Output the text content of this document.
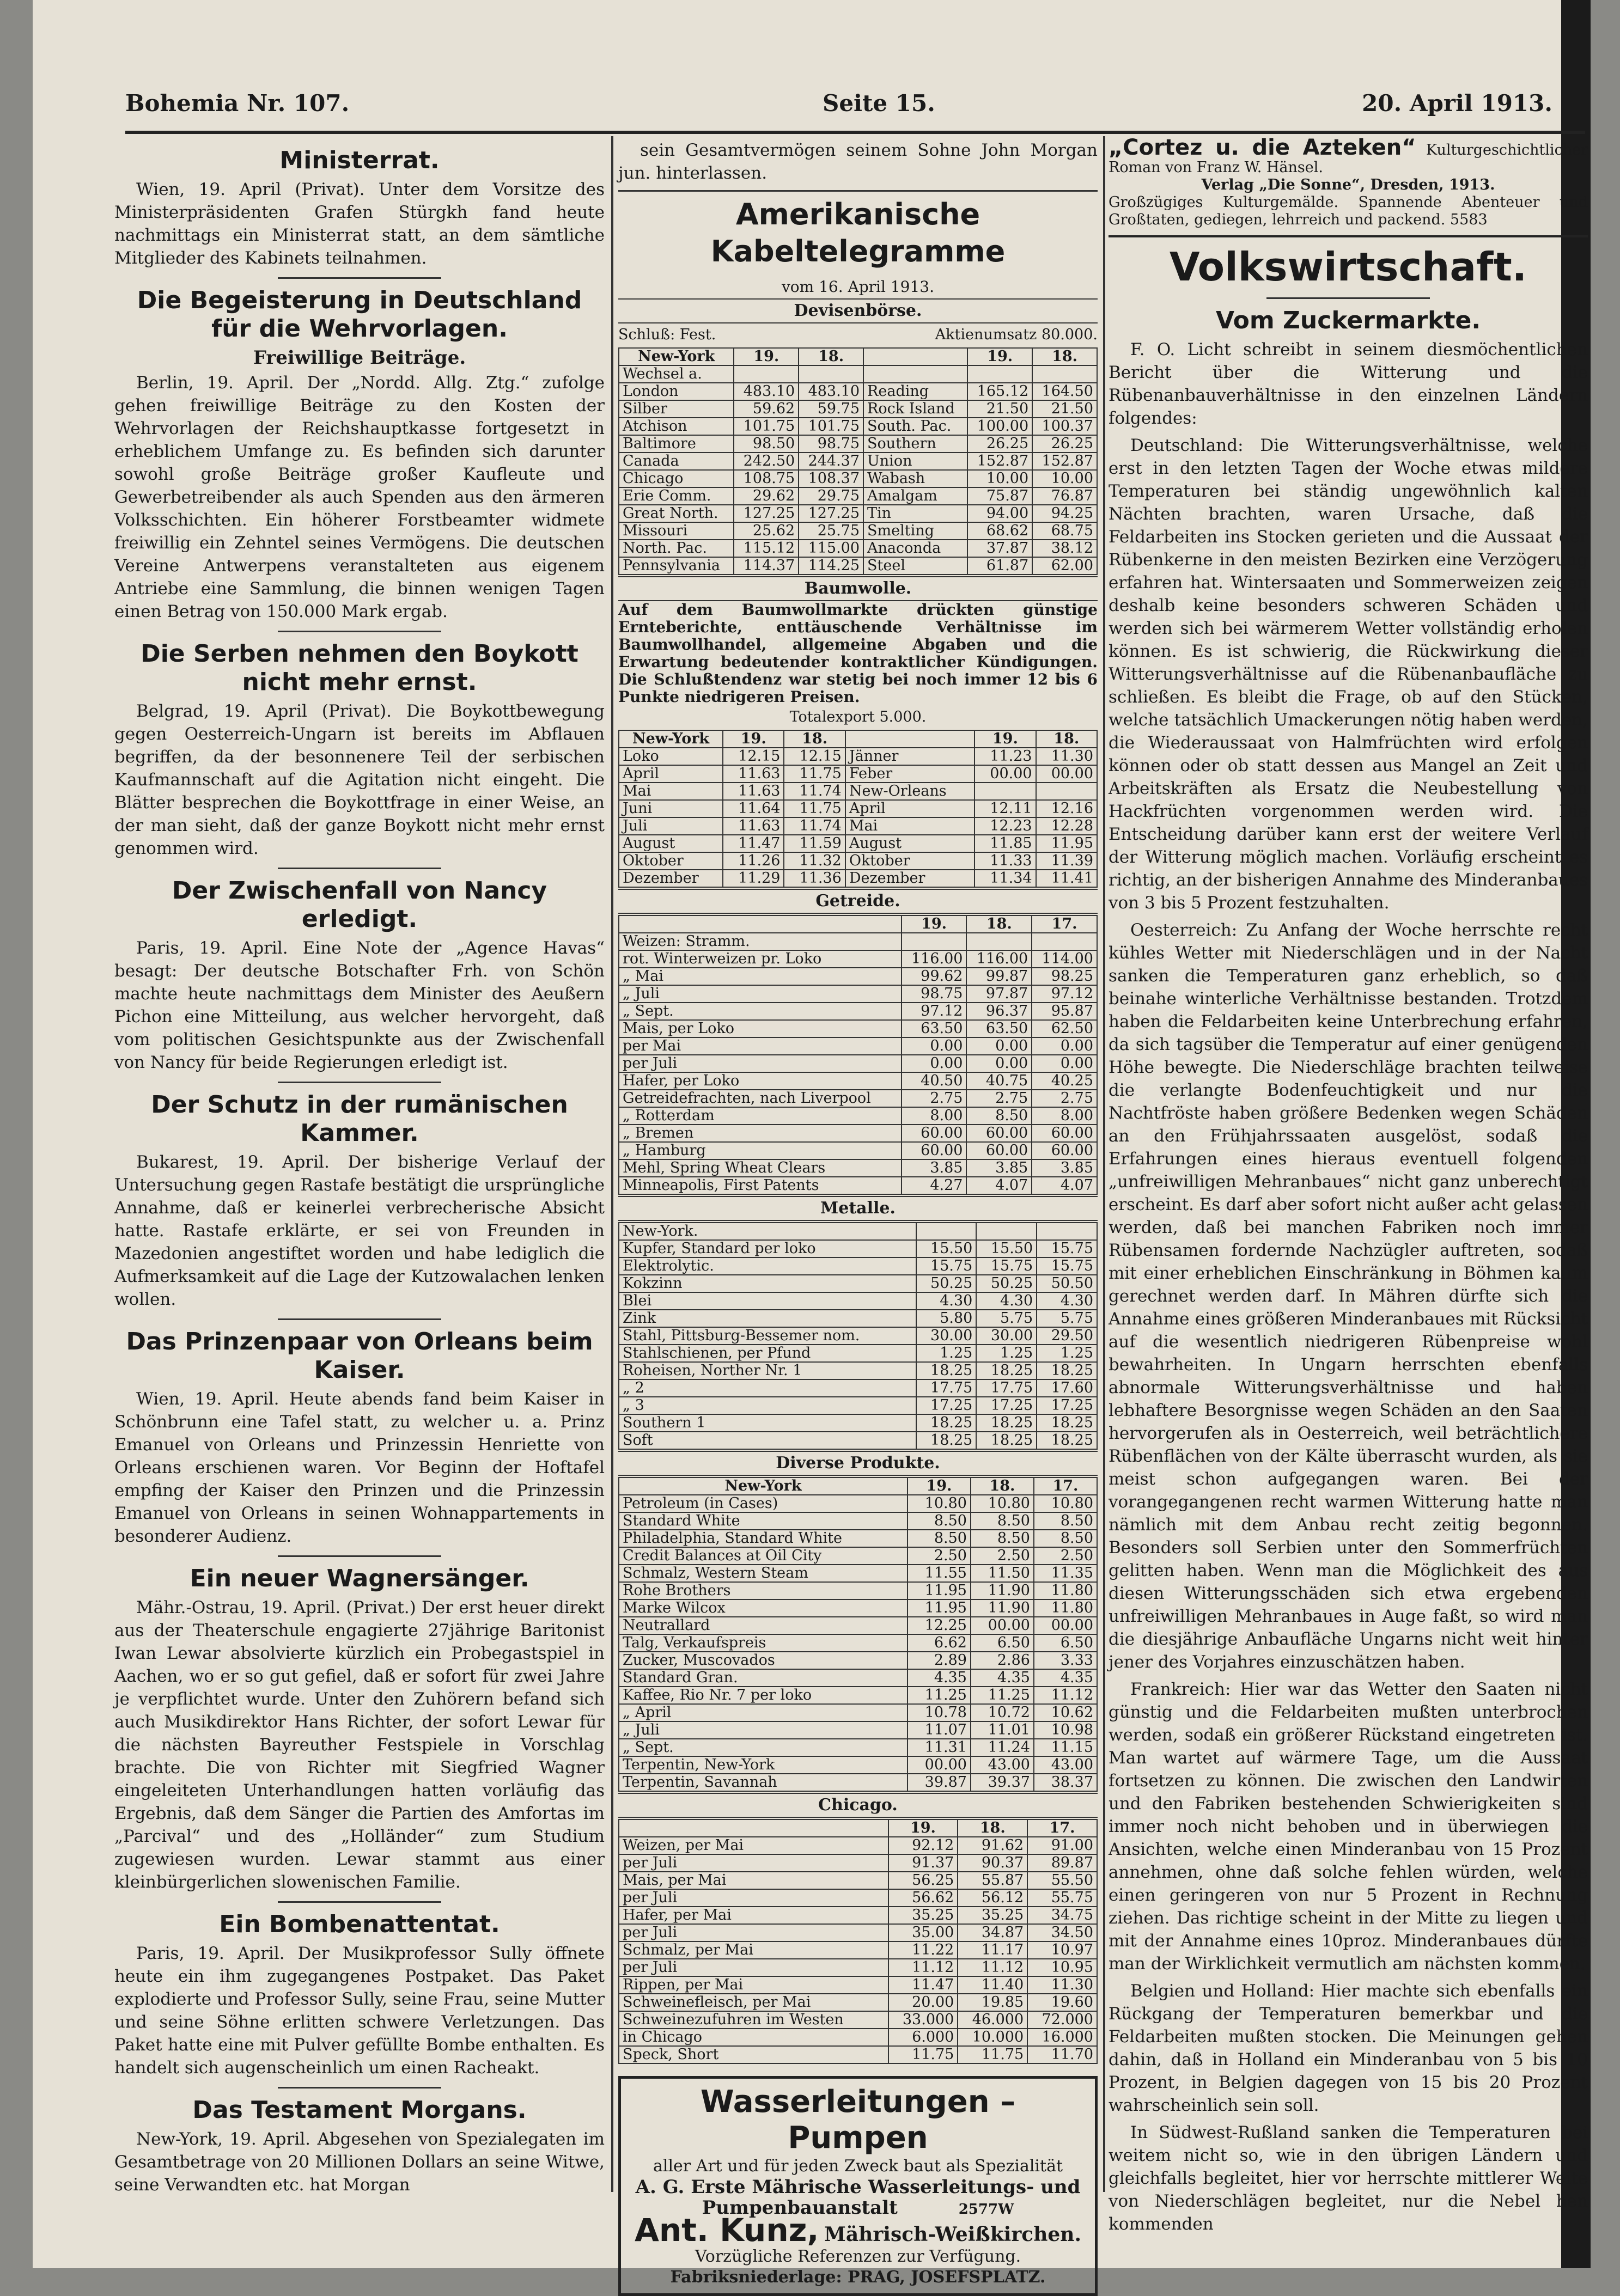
Bohemia Nr. 107.	Seite 15.	20. April 1913.
Ministerrat.

Wien, 19. April (Privat). Unter dem Vorsitze des Ministerpräsidenten Grafen Stürgkh fand heute nachmittags ein Ministerrat statt, an dem sämtliche Mitglieder des Kabinets teilnahmen.

Die Begeisterung in Deutschland für die Wehrvorlagen.
Freiwillige Beiträge.

Berlin, 19. April. Der „Nordd. Allg. Ztg.“ zufolge gehen freiwillige Beiträge zu den Kosten der Wehrvorlagen der Reichshauptkasse fortgesetzt in erheblichem Umfange zu. Es befinden sich darunter sowohl große Beiträge großer Kaufleute und Gewerbetreibender als auch Spenden aus den ärmeren Volksschichten. Ein höherer Forstbeamter widmete freiwillig ein Zehntel seines Vermögens. Die deutschen Vereine Antwerpens veranstalteten aus eigenem Antriebe eine Sammlung, die binnen wenigen Tagen einen Betrag von 150.000 Mark ergab.

Die Serben nehmen den Boykott nicht mehr ernst.

Belgrad, 19. April (Privat). Die Boykottbewegung gegen Oesterreich-Ungarn ist bereits im Abflauen begriffen, da der besonnenere Teil der serbischen Kaufmannschaft auf die Agitation nicht eingeht. Die Blätter besprechen die Boykottfrage in einer Weise, an der man sieht, daß der ganze Boykott nicht mehr ernst genommen wird.

Der Zwischenfall von Nancy erledigt.

Paris, 19. April. Eine Note der „Agence Havas“ besagt: Der deutsche Botschafter Frh. von Schön machte heute nachmittags dem Minister des Aeußern Pichon eine Mitteilung, aus welcher hervorgeht, daß vom politischen Gesichtspunkte aus der Zwischenfall von Nancy für beide Regierungen erledigt ist.

Der Schutz in der rumänischen Kammer.

Bukarest, 19. April. Der bisherige Verlauf der Untersuchung gegen Rastafe bestätigt die ursprüngliche Annahme, daß er keinerlei verbrecherische Absicht hatte. Rastafe erklärte, er sei von Freunden in Mazedonien angestiftet worden und habe lediglich die Aufmerksamkeit auf die Lage der Kutzowalachen lenken wollen.

Das Prinzenpaar von Orleans beim Kaiser.

Wien, 19. April. Heute abends fand beim Kaiser in Schönbrunn eine Tafel statt, zu welcher u. a. Prinz Emanuel von Orleans und Prinzessin Henriette von Orleans erschienen waren. Vor Beginn der Hoftafel empfing der Kaiser den Prinzen und die Prinzessin Emanuel von Orleans in seinen Wohnappartements in besonderer Audienz.

Ein neuer Wagnersänger.

Mähr.-Ostrau, 19. April. (Privat.) Der erst heuer direkt aus der Theaterschule engagierte 27jährige Baritonist Iwan Lewar absolvierte kürzlich ein Probegastspiel in Aachen, wo er so gut gefiel, daß er sofort für zwei Jahre je verpflichtet wurde. Unter den Zuhörern befand sich auch Musikdirektor Hans Richter, der sofort Lewar für die nächsten Bayreuther Festspiele in Vorschlag brachte. Die von Richter mit Siegfried Wagner eingeleiteten Unterhandlungen hatten vorläufig das Ergebnis, daß dem Sänger die Partien des Amfortas im „Parcival“ und des „Holländer“ zum Studium zugewiesen wurden. Lewar stammt aus einer kleinbürgerlichen slowenischen Familie.

Ein Bombenattentat.

Paris, 19. April. Der Musikprofessor Sully öffnete heute ein ihm zugegangenes Postpaket. Das Paket explodierte und Professor Sully, seine Frau, seine Mutter und seine Söhne erlitten schwere Verletzungen. Das Paket hatte eine mit Pulver gefüllte Bombe enthalten. Es handelt sich augenscheinlich um einen Racheakt.

Das Testament Morgans.

New-York, 19. April. Abgesehen von Spezialegaten im Gesamtbetrage von 20 Millionen Dollars an seine Witwe, seine Verwandten etc. hat Morgan

sein Gesamtvermögen seinem Sohne John Morgan jun. hinterlassen.

Amerikanische Kabeltelegramme
vom 16. April 1913.
Devisenbörse.
Schluß: Fest.	Aktienumsatz 80.000.
New-York	19.	18.		19.	18.
Wechsel a.					
London	483.10	483.10	Reading	165.12	164.50
Silber	59.62	59.75	Rock Island	21.50	21.50
Atchison	101.75	101.75	South. Pac.	100.00	100.37
Baltimore	98.50	98.75	Southern	26.25	26.25
Canada	242.50	244.37	Union	152.87	152.87
Chicago	108.75	108.37	Wabash	10.00	10.00
Erie Comm.	29.62	29.75	Amalgam	75.87	76.87
Great North.	127.25	127.25	Tin	94.00	94.25
Missouri	25.62	25.75	Smelting	68.62	68.75
North. Pac.	115.12	115.00	Anaconda	37.87	38.12
Pennsylvania	114.37	114.25	Steel	61.87	62.00
Baumwolle.
Auf dem Baumwollmarkte drückten günstige Ernteberichte, enttäuschende Verhältnisse im Baumwollhandel, allgemeine Abgaben und die Erwartung bedeutender kontraktlicher Kündigungen. Die Schlußtendenz war stetig bei noch immer 12 bis 6 Punkte niedrigeren Preisen.
Totalexport 5.000.
New-York	19.	18.		19.	18.
Loko	12.15	12.15	Jänner	11.23	11.30
April	11.63	11.75	Feber	00.00	00.00
Mai	11.63	11.74	New-Orleans		
Juni	11.64	11.75	April	12.11	12.16
Juli	11.63	11.74	Mai	12.23	12.28
August	11.47	11.59	August	11.85	11.95
Oktober	11.26	11.32	Oktober	11.33	11.39
Dezember	11.29	11.36	Dezember	11.34	11.41
Getreide.
	19.	18.	17.
Weizen: Stramm.			
rot. Winterweizen pr. Loko	116.00	116.00	114.00
„ Mai	99.62	99.87	98.25
„ Juli	98.75	97.87	97.12
„ Sept.	97.12	96.37	95.87
Mais, per Loko	63.50	63.50	62.50
per Mai	0.00	0.00	0.00
per Juli	0.00	0.00	0.00
Hafer, per Loko	40.50	40.75	40.25
Getreidefrachten, nach Liverpool	2.75	2.75	2.75
„ Rotterdam	8.00	8.50	8.00
„ Bremen	60.00	60.00	60.00
„ Hamburg	60.00	60.00	60.00
Mehl, Spring Wheat Clears	3.85	3.85	3.85
Minneapolis, First Patents	4.27	4.07	4.07
Metalle.
New-York.			
Kupfer, Standard per loko	15.50	15.50	15.75
Elektrolytic.	15.75	15.75	15.75
Kokzinn	50.25	50.25	50.50
Blei	4.30	4.30	4.30
Zink	5.80	5.75	5.75
Stahl, Pittsburg-Bessemer nom.	30.00	30.00	29.50
Stahlschienen, per Pfund	1.25	1.25	1.25
Roheisen, Norther Nr. 1	18.25	18.25	18.25
„ 2	17.75	17.75	17.60
„ 3	17.25	17.25	17.25
Southern 1	18.25	18.25	18.25
Soft	18.25	18.25	18.25
Diverse Produkte.
New-York	19.	18.	17.
Petroleum (in Cases)	10.80	10.80	10.80
Standard White	8.50	8.50	8.50
Philadelphia, Standard White	8.50	8.50	8.50
Credit Balances at Oil City	2.50	2.50	2.50
Schmalz, Western Steam	11.55	11.50	11.35
Rohe Brothers	11.95	11.90	11.80
Marke Wilcox	11.95	11.90	11.80
Neutrallard	12.25	00.00	00.00
Talg, Verkaufspreis	6.62	6.50	6.50
Zucker, Muscovados	2.89	2.86	3.33
Standard Gran.	4.35	4.35	4.35
Kaffee, Rio Nr. 7 per loko	11.25	11.25	11.12
„ April	10.78	10.72	10.62
„ Juli	11.07	11.01	10.98
„ Sept.	11.31	11.24	11.15
Terpentin, New-York	00.00	43.00	43.00
Terpentin, Savannah	39.87	39.37	38.37
Chicago.
	19.	18.	17.
Weizen, per Mai	92.12	91.62	91.00
per Juli	91.37	90.37	89.87
Mais, per Mai	56.25	55.87	55.50
per Juli	56.62	56.12	55.75
Hafer, per Mai	35.25	35.25	34.75
per Juli	35.00	34.87	34.50
Schmalz, per Mai	11.22	11.17	10.97
per Juli	11.12	11.12	10.95
Rippen, per Mai	11.47	11.40	11.30
Schweinefleisch, per Mai	20.00	19.85	19.60
Schweinezufuhren im Westen	33.000	46.000	72.000
in Chicago	6.000	10.000	16.000
Speck, Short	11.75	11.75	11.70
Wasserleitungen – Pumpen
aller Art und für jeden Zweck baut als Spezialität
A. G. Erste Mährische Wasserleitungs- und
Pumpenbauanstalt	2577W
Ant. Kunz, Mährisch-Weißkirchen.
Vorzügliche Referenzen zur Verfügung.
Fabriksniederlage: PRAG, JOSEFSPLATZ.
„Cortez u. die Azteken“ Kulturgeschichtlicher Roman von Franz W. Hänsel.
Verlag „Die Sonne“, Dresden, 1913.
Großzügiges Kulturgemälde. Spannende Abenteuer und Großtaten, gediegen, lehrreich und packend. 5583
Volkswirtschaft.
Vom Zuckermarkte.

F. O. Licht schreibt in seinem diesmöchentlichen Bericht über die Witterung und die Rübenanbauverhältnisse in den einzelnen Ländern folgendes:

Deutschland: Die Witterungsverhältnisse, welche erst in den letzten Tagen der Woche etwas mildere Temperaturen bei ständig ungewöhnlich kalten Nächten brachten, waren Ursache, daß die Feldarbeiten ins Stocken gerieten und die Aussaat der Rübenkerne in den meisten Bezirken eine Verzögerung erfahren hat. Wintersaaten und Sommerweizen zeigen deshalb keine besonders schweren Schäden und werden sich bei wärmerem Wetter vollständig erholen können. Es ist schwierig, die Rückwirkung dieser Witterungsverhältnisse auf die Rübenanbaufläche zu schließen. Es bleibt die Frage, ob auf den Stücken, welche tatsächlich Umackerungen nötig haben werden, die Wiederaussaat von Halmfrüchten wird erfolgen können oder ob statt dessen aus Mangel an Zeit und Arbeitskräften als Ersatz die Neubestellung von Hackfrüchten vorgenommen werden wird. Die Entscheidung darüber kann erst der weitere Verlauf der Witterung möglich machen. Vorläufig erscheint es richtig, an der bisherigen Annahme des Minderanbaues von 3 bis 5 Prozent festzuhalten.

Oesterreich: Zu Anfang der Woche herrschte recht kühles Wetter mit Niederschlägen und in der Nacht sanken die Temperaturen ganz erheblich, so daß beinahe winterliche Verhältnisse bestanden. Trotzdem haben die Feldarbeiten keine Unterbrechung erfahren, da sich tagsüber die Temperatur auf einer genügenden Höhe bewegte. Die Niederschläge brachten teilweise die verlangte Bodenfeuchtigkeit und nur die Nachtfröste haben größere Bedenken wegen Schäden an den Frühjahrssaaten ausgelöst, sodaß die Erfahrungen eines hieraus eventuell folgenden „unfreiwilligen Mehranbaues“ nicht ganz unberechtigt erscheint. Es darf aber sofort nicht außer acht gelassen werden, daß bei manchen Fabriken noch immer Rübensamen fordernde Nachzügler auftreten, sodaß mit einer erheblichen Einschränkung in Böhmen kaum gerechnet werden darf. In Mähren dürfte sich die Annahme eines größeren Minderanbaues mit Rücksicht auf die wesentlich niedrigeren Rübenpreise wohl bewahrheiten. In Ungarn herrschten ebenfalls abnormale Witterungsverhältnisse und haben lebhaftere Besorgnisse wegen Schäden an den Saaten hervorgerufen als in Oesterreich, weil beträchtlichere Rübenflächen von der Kälte überrascht wurden, als sie meist schon aufgegangen waren. Bei der vorangegangenen recht warmen Witterung hatte man nämlich mit dem Anbau recht zeitig begonnen. Besonders soll Serbien unter den Sommerfrüchten gelitten haben. Wenn man die Möglichkeit des aus diesen Witterungsschäden sich etwa ergebenden unfreiwilligen Mehranbaues in Auge faßt, so wird man die diesjährige Anbaufläche Ungarns nicht weit hinter jener des Vorjahres einzuschätzen haben.

Frankreich: Hier war das Wetter den Saaten nicht günstig und die Feldarbeiten mußten unterbrochen werden, sodaß ein größerer Rückstand eingetreten ist. Man wartet auf wärmere Tage, um die Aussaat fortsetzen zu können. Die zwischen den Landwirten und den Fabriken bestehenden Schwierigkeiten sind immer noch nicht behoben und in überwiegen die Ansichten, welche einen Minderanbau von 15 Prozent annehmen, ohne daß solche fehlen würden, welche einen geringeren von nur 5 Prozent in Rechnung ziehen. Das richtige scheint in der Mitte zu liegen und mit der Annahme eines 10proz. Minderanbaues dürfte man der Wirklichkeit vermutlich am nächsten kommen.

Belgien und Holland: Hier machte sich ebenfalls ein Rückgang der Temperaturen bemerkbar und die Feldarbeiten mußten stocken. Die Meinungen gehen dahin, daß in Holland ein Minderanbau von 5 bis 10 Prozent, in Belgien dagegen von 15 bis 20 Prozent wahrscheinlich sein soll.

In Südwest-Rußland sanken die Temperaturen bei weitem nicht so, wie in den übrigen Ländern und gleichfalls begleitet, hier vor herrschte mittlerer Weite von Niederschlägen begleitet, nur die Nebel hen kommenden
